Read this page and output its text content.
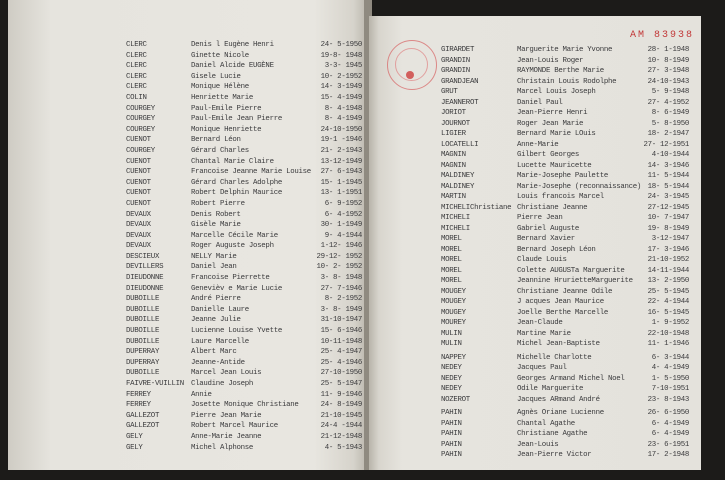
CLERC	Denis l Eugène Henri	24- 5-1950
CLERC	Ginette Nicole	19-8- 1948
CLERC	Daniel Alcide EUGÈNE	3-3- 1945
CLERC	Gisele Lucie	10- 2-1952
CLERC	Monique Hélène	14- 3-1949
COLIN	Henriette Marie	15- 4-1949
COURGEY	Paul-Emile Pierre	8- 4-1948
COURGEY	Paul-Emile Jean Pierre	8- 4-1949
COURGEY	Monique Henriette	24-10-1950
CUENOT	Bernard Léon	19-1 -1946
COURGEY	Gérard Charles	21- 2-1943
CUENOT	Chantal Marie Claire	13-12-1949
CUENOT	Francoise Jeanne Marie Louise 27- 6-1943
CUENOT	Gérard Charles Adolphe	15- 1-1945
CUENOT	Robert Delphin Maurice	13- 1-1951
CUENOT	Robert Pierre	6- 9-1952
DEVAUX	Denis Robert	6- 4-1952
DEVAUX	Gisèle Marie	30- 1-1949
DEVAUX	Marcelle Cécile Marie	9- 4-1944
DEVAUX	Roger Auguste Joseph	1-12- 1946
DESCIEUX	NELLY Marie	29-12- 1952
DEVILLERS	Daniel Jean	10- 2- 1952
DIEUDONNE	Francoise Pierrette	3- 8- 1948
DIEUDONNE	Genevièv e Marie Lucie	27- 7-1946
DUBOILLE	André Pierre	8- 2-1952
DUBOILLE	Danielle Laure	3- 8- 1949
DUBOILLE	Jeanne Julie	31-10-1947
DUBOILLE	Lucienne Louise Yvette	15- 6-1946
DUBOILLE	Laure Marcelle	10-11-1948
DUPERRAY	Albert Marc	25- 4-1947
DUPERRAY	Jeanne-Antide	25- 4-1946
DUBOILLE	Marcel Jean Louis	27-10-1950
FAIVRE-VUILLIN Claudine Joseph	25- 5-1947
FERREY	Annie	11- 9-1946
FERREY	Josette Monique Christiane	24- 8-1949
GALLEZOT	Pierre Jean Marie	21-10-1945
GALLEZOT	Robert Marcel Maurice	24-4 -1944
GELY	Anne-Marie Jeanne	21-12-1948
GELY	Michel Alphonse	4- 5-1943
AM 83938
GIRARDET	Marguerite Marie Yvonne	28- 1-1948
GRANDIN	Jean-Louis Roger	10- 8-1949
GRANDIN	RAYMONDE Berthe Marie	27- 3-1948
GRANDJEAN	Christain Louis Rodolphe	24-10-1943
GRUT	Marcel Louis Joseph	5- 9-1948
JEANNEROT	Daniel Paul	27- 4-1952
JORIOT	Jean-Pierre Henri	8- 6-1949
JOURNOT	Roger Jean Marie	5- 8-1950
LIGIER	Bernard Marie LOuis	18- 2-1947
LOCATELLI	Anne-Marie	27- 12-1951
MAGNIN	Gilbert Georges	4-10-1944
MAGNIN	Lucette Mauricette	14- 3-1946
MALDINEY	Marie-Josephe Paulette	11- 5-1944
MALDINEY	Marie-Josephe (reconnaissance) 18- 5-1944
MARTIN	Louis francois Marcel	24- 3-1945
MICHELIChristiane Christiane Jeanne	27-12-1945
MICHELI	Pierre Jean	10- 7-1947
MICHELI	Gabriel Auguste	19- 8-1949
MOREL	Bernard Xavier	3-12-1947
MOREL	Bernard Joseph Léon	17- 3-1946
MOREL	Claude Louis	21-10-1952
MOREL	Colette AUGUSTa Marguerite	14-11-1944
MOREL	Jeannine HrurietteMarguerite 13- 2-1950
MOUGEY	Christiane Jeanne Odile	25- 5-1945
MOUGEY	J acques Jean Maurice	22- 4-1944
MOUGEY	Joelle Berthe Marcelle	16- 5-1945
MOUREY	Jean-Claude	1- 9-1952
MULIN	Martine Marie	22-10-1948
MULIN	Michel Jean-Baptiste	11- 1-1946
NAPPEY	Michelle Charlotte	6- 3-1944
NEDEY	Jacques Paul	4- 4-1949
NEDEY	Georges Armand Michel Noel	1- 5-1950
NEDEY	Odile Marguerite	7-10-1951
NOZEROT	Jacques ARmand André	23- 8-1943
PAHIN	Agnès Oriane Lucienne	26- 6-1950
PAHIN	Chantal Agathe	6- 4-1949
PAHIN	Christiane Agathe	6- 4-1949
PAHIN	Jean-Louis	23- 6-1951
PAHIN	Jean-Pierre Victor	17- 2-1948
